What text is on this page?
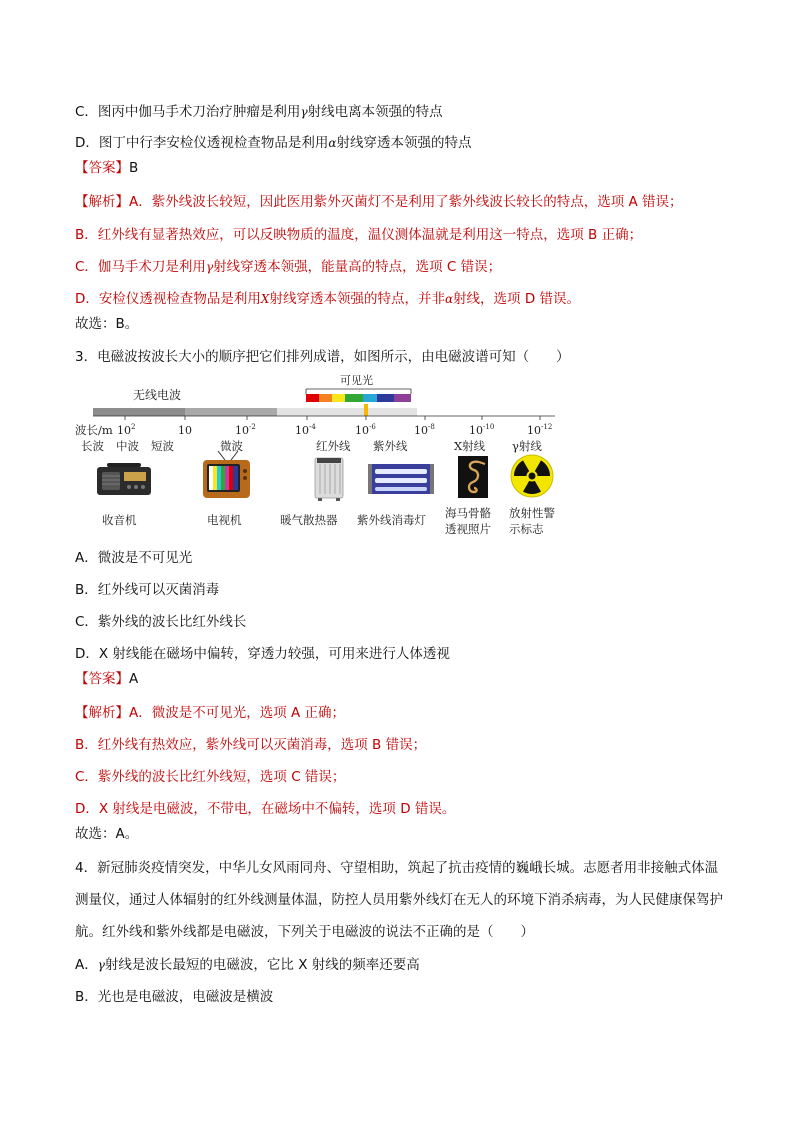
C．图丙中伽马手术刀治疗肿瘤是利用γ射线电离本领强的特点
D．图丁中行李安检仪透视检查物品是利用α射线穿透本领强的特点
【答案】B
【解析】A．紫外线波长较短，因此医用紫外灭菌灯不是利用了紫外线波长较长的特点，选项 A 错误；
B．红外线有显著热效应，可以反映物质的温度，温仪测体温就是利用这一特点，选项 B 正确；
C．伽马手术刀是利用γ射线穿透本领强，能量高的特点，选项 C 错误；
D．安检仪透视检查物品是利用X射线穿透本领强的特点，并非α射线，选项 D 错误。
故选：B。
3．电磁波按波长大小的顺序把它们排列成谱，如图所示，由电磁波谱可知（　　）
无线电波
可见光
波长/m $10^2$	10	$10^{-2}$	$10^{-4}$	$10^{-6}$	$10^{-8}$	$10^{-10}$	$10^{-12}$
长波 中波 短波	微波	红外线 紫外线	X射线 γ射线
收音机	电视机	暖气散热器 紫外线消毒灯 海马骨骼
透视照片
放射性警
示标志
A．微波是不可见光
B．红外线可以灭菌消毒
C．紫外线的波长比红外线长
D．X 射线能在磁场中偏转，穿透力较强，可用来进行人体透视
【答案】A
【解析】A．微波是不可见光，选项 A 正确；
B．红外线有热效应，紫外线可以灭菌消毒，选项 B 错误；
C．紫外线的波长比红外线短，选项 C 错误；
D．X 射线是电磁波，不带电，在磁场中不偏转，选项 D 错误。
故选：A。
4．新冠肺炎疫情突发，中华儿女风雨同舟、守望相助，筑起了抗击疫情的巍峨长城。志愿者用非接触式体温测量仪，通过人体辐射的红外线测量体温，防控人员用紫外线灯在无人的环境下消杀病毒，为人民健康保驾护航。红外线和紫外线都是电磁波，下列关于电磁波的说法不正确的是（　　）
A．γ射线是波长最短的电磁波，它比 X 射线的频率还要高
B．光也是电磁波，电磁波是横波
